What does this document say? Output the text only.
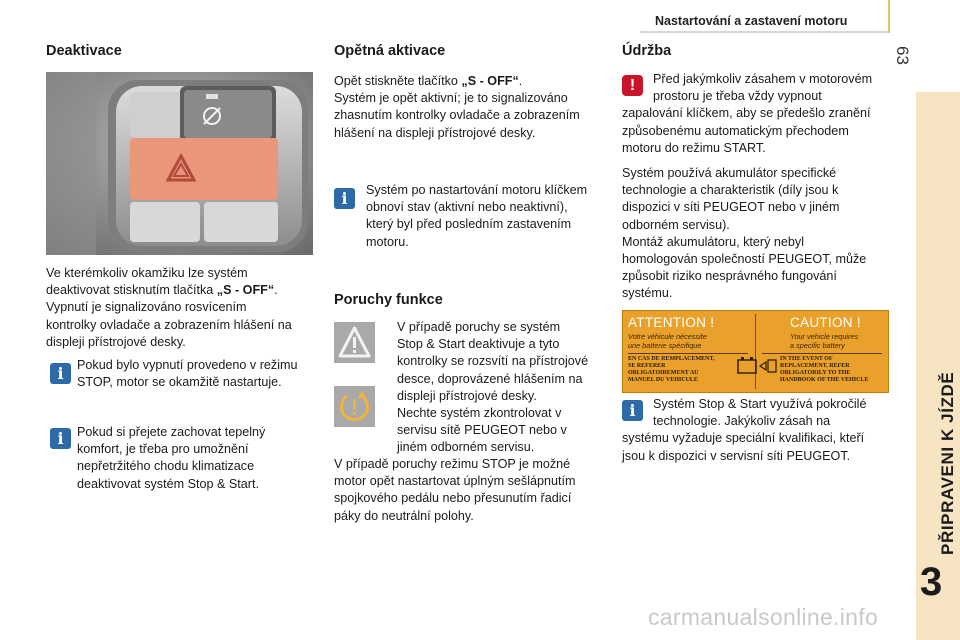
Nastartování a zastavení motoru
63
PŘIPRAVENI K JÍZDĚ
3
Deaktivace
Ve kterémkoliv okamžiku lze systém
deaktivovat stisknutím tlačítka „S - OFF“.
Vypnutí je signalizováno rosvícením
kontrolky ovladače a zobrazením hlášení na
displeji přístrojové desky.
i	Pokud bylo vypnutí provedeno v režimu
STOP, motor se okamžitě nastartuje.
i	Pokud si přejete zachovat tepelný
komfort, je třeba pro umožnění
nepřetržitého chodu klimatizace
deaktivovat systém Stop & Start.
Opětná aktivace
Opět stiskněte tlačítko „S - OFF“.
Systém je opět aktivní; je to signalizováno
zhasnutím kontrolky ovladače a zobrazením
hlášení na displeji přístrojové desky.
i	Systém po nastartování motoru klíčkem
obnoví stav (aktivní nebo neaktivní),
který byl před posledním zastavením
motoru.
Poruchy funkce
V případě poruchy se systém
Stop & Start deaktivuje a tyto
kontrolky se rozsvítí na přístrojové
desce, doprovázené hlášením na
displeji přístrojové desky.
Nechte systém zkontrolovat v
servisu sítě PEUGEOT nebo v
jiném odborném servisu.
V případě poruchy režimu STOP je možné
motor opět nastartovat úplným sešlápnutím
spojkového pedálu nebo přesunutím řadicí
páky do neutrální polohy.
Údržba
!	Před jakýmkoliv zásahem v motorovém
prostoru je třeba vždy vypnout
zapalování klíčkem, aby se předešlo zranění
způsobenému automatickým přechodem
motoru do režimu START.
Systém používá akumulátor specifické
technologie a charakteristik (díly jsou k
dispozici v síti PEUGEOT nebo v jiném
odborném servisu).
Montáž akumulátoru, který nebyl
homologován společností PEUGEOT, může
způsobit riziko nesprávného fungování
systému.
ATTENTION !	CAUTION !
Votre véhicule nécessite
une batterie spécifique
Your vehicle requires
a specific battery
EN CAS DE REMPLACEMENT,
SE REFERER
OBLIGATOIREMENT AU
MANUEL DU VEHICULE
IN THE EVENT OF
REPLACEMENT, REFER
OBLIGATORILY TO THE
HANDBOOK OF THE VEHICLE
i	Systém Stop & Start využívá pokročilé
technologie. Jakýkoliv zásah na
systému vyžaduje speciální kvalifikaci, kteří
jsou k dispozici v servisní síti PEUGEOT.
carmanualsonline.info
